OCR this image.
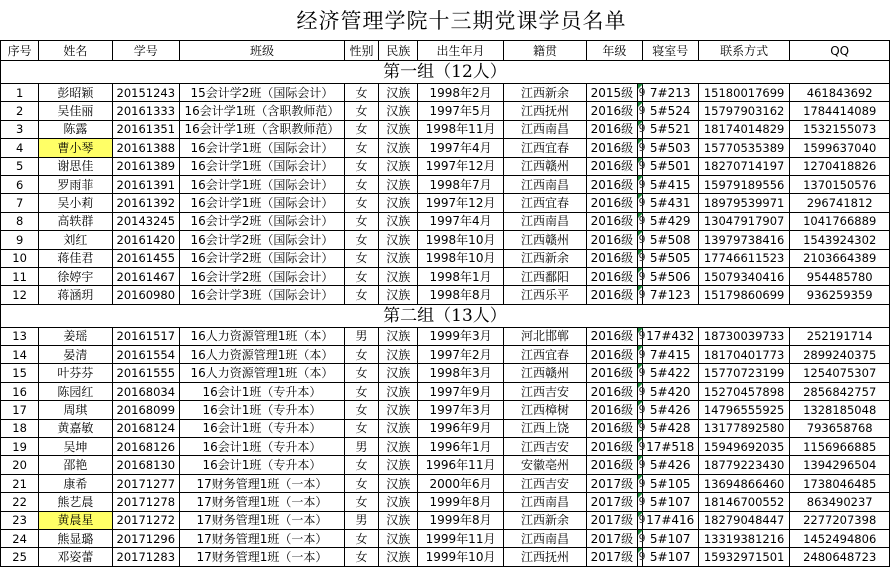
经济管理学院十三期党课学员名单
序号	姓名	学号	班级	性别	民族	出生年月	籍贯	年级		寝室号	联系方式	QQ
第一组（12人）												
1	彭昭颖	20151243	15会计学2班（国际会计）	女	汉族	1998年2月	江西新余	2015级	9	7#213	15180017699	461843692
2	吴佳丽	20161333	16会计学1班（含职教师范）	女	汉族	1997年5月	江西抚州	2016级	9	5#524	15797903162	1784414089
3	陈露	20161351	16会计学1班（含职教师范）	女	汉族	1998年11月	江西南昌	2016级	9	5#521	18174014829	1532155073
4	曹小琴	20161388	16会计学1班（国际会计）	女	汉族	1997年4月	江西宜春	2016级	9	5#503	15770535389	1599637040
5	谢思佳	20161389	16会计学1班（国际会计）	女	汉族	1997年12月	江西赣州	2016级	9	5#501	18270714197	1270418826
6	罗雨菲	20161391	16会计学1班（国际会计）	女	汉族	1998年7月	江西南昌	2016级	9	5#415	15979189556	1370150576
7	吴小莉	20161392	16会计学1班（国际会计）	女	汉族	1997年12月	江西宜春	2016级	9	5#431	18979539971	296741812
8	高轶群	20143245	16会计学2班（国际会计）	女	汉族	1997年4月	江西南昌	2016级	9	5#429	13047917907	1041766889
9	刘红	20161420	16会计学2班（国际会计）	女	汉族	1998年10月	江西赣州	2016级	9	5#508	13979738416	1543924302
10	蒋佳君	20161455	16会计学2班（国际会计）	女	汉族	1998年10月	江西新余	2016级	9	5#505	17746611523	2103664389
11	徐婷宇	20161467	16会计学2班（国际会计）	女	汉族	1998年1月	江西鄱阳	2016级	9	5#506	15079340416	954485780
12	蒋涵玥	20160980	16会计学3班（国际会计）	女	汉族	1998年8月	江西乐平	2016级	9	7#123	15179860699	936259359
第二组（13人）												
13	姜瑶	20161517	16人力资源管理1班（本）	男	汉族	1999年3月	河北邯郸	2016级	9	17#432	18730039733	252191714
14	晏清	20161554	16人力资源管理1班（本）	女	汉族	1997年2月	江西宜春	2016级	9	7#415	18170401773	2899240375
15	叶芬芬	20161555	16人力资源管理1班（本）	女	汉族	1998年3月	江西赣州	2016级	9	5#422	15770723199	1254075307
16	陈园红	20168034	16会计1班（专升本）	女	汉族	1997年9月	江西吉安	2016级	9	5#420	15270457898	2856842757
17	周琪	20168099	16会计1班（专升本）	女	汉族	1997年3月	江西樟树	2016级	9	5#426	14796555925	1328185048
18	黄嘉敏	20168124	16会计1班（专升本）	女	汉族	1996年9月	江西上饶	2016级	9	5#428	13177892580	793658768
19	吴坤	20168126	16会计1班（专升本）	男	汉族	1996年1月	江西吉安	2016级	9	17#518	15949692035	1156966885
20	邵艳	20168130	16会计1班（专升本）	女	汉族	1996年11月	安徽亳州	2016级	9	5#426	18779223430	1394296504
21	康希	20171277	17财务管理1班（一本）	女	汉族	2000年6月	江西吉安	2017级	9	5#105	13694866460	1738046485
22	熊艺晨	20171278	17财务管理1班（一本）	女	汉族	1999年8月	江西南昌	2017级	9	5#107	18146700552	863490237
23	黄晨星	20171272	17财务管理1班（一本）	男	汉族	1999年8月	江西新余	2017级	9	17#416	18279048447	2277207398
24	熊显璐	20171296	17财务管理1班（一本）	女	汉族	1999年11月	江西南昌	2017级	9	5#107	13319381216	1452494806
25	邓姿蕾	20171283	17财务管理1班（一本）	女	汉族	1999年10月	江西抚州	2017级	9	5#107	15932971501	2480648723
